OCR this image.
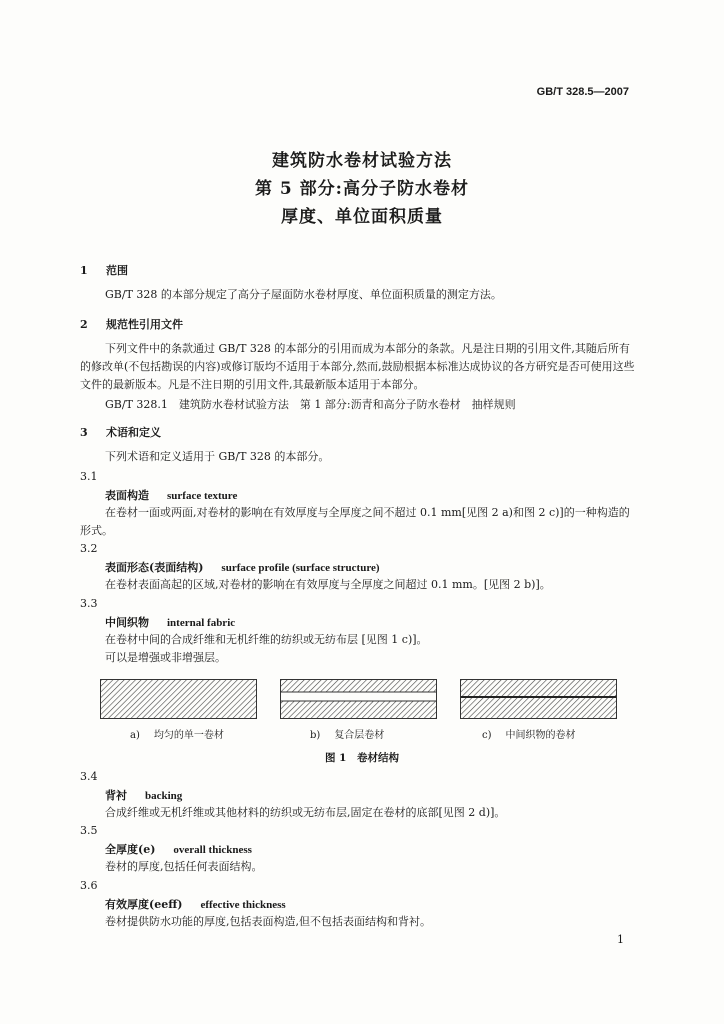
GB/T 328.5—2007
建筑防水卷材试验方法
第 5 部分:高分子防水卷材
厚度、单位面积质量
1 范围
GB/T 328 的本部分规定了高分子屋面防水卷材厚度、单位面积质量的测定方法。
2 规范性引用文件
下列文件中的条款通过 GB/T 328 的本部分的引用而成为本部分的条款。凡是注日期的引用文件,其随后所有的修改单(不包括勘误的内容)或修订版均不适用于本部分,然而,鼓励根据本标准达成协议的各方研究是否可使用这些文件的最新版本。凡是不注日期的引用文件,其最新版本适用于本部分。
GB/T 328.1　建筑防水卷材试验方法　第 1 部分:沥青和高分子防水卷材　抽样规则
3 术语和定义
下列术语和定义适用于 GB/T 328 的本部分。
3.1
表面构造 surface texture
在卷材一面或两面,对卷材的影响在有效厚度与全厚度之间不超过 0.1 mm[见图 2 a)和图 2 c)]的一种构造的形式。
3.2
表面形态(表面结构) surface profile (surface structure)
在卷材表面高起的区域,对卷材的影响在有效厚度与全厚度之间超过 0.1 mm。[见图 2 b)]。
3.3
中间织物 internal fabric
在卷材中间的合成纤维和无机纤维的纺织或无纺布层 [见图 1 c)]。
可以是增强或非增强层。
a) 均匀的单一卷材	b) 复合层卷材	c) 中间织物的卷材
图 1　卷材结构
3.4
背衬 backing
合成纤维或无机纤维或其他材料的纺织或无纺布层,固定在卷材的底部[见图 2 d)]。
3.5
全厚度(e) overall thickness
卷材的厚度,包括任何表面结构。
3.6
有效厚度(eeff) effective thickness
卷材提供防水功能的厚度,包括表面构造,但不包括表面结构和背衬。
1
